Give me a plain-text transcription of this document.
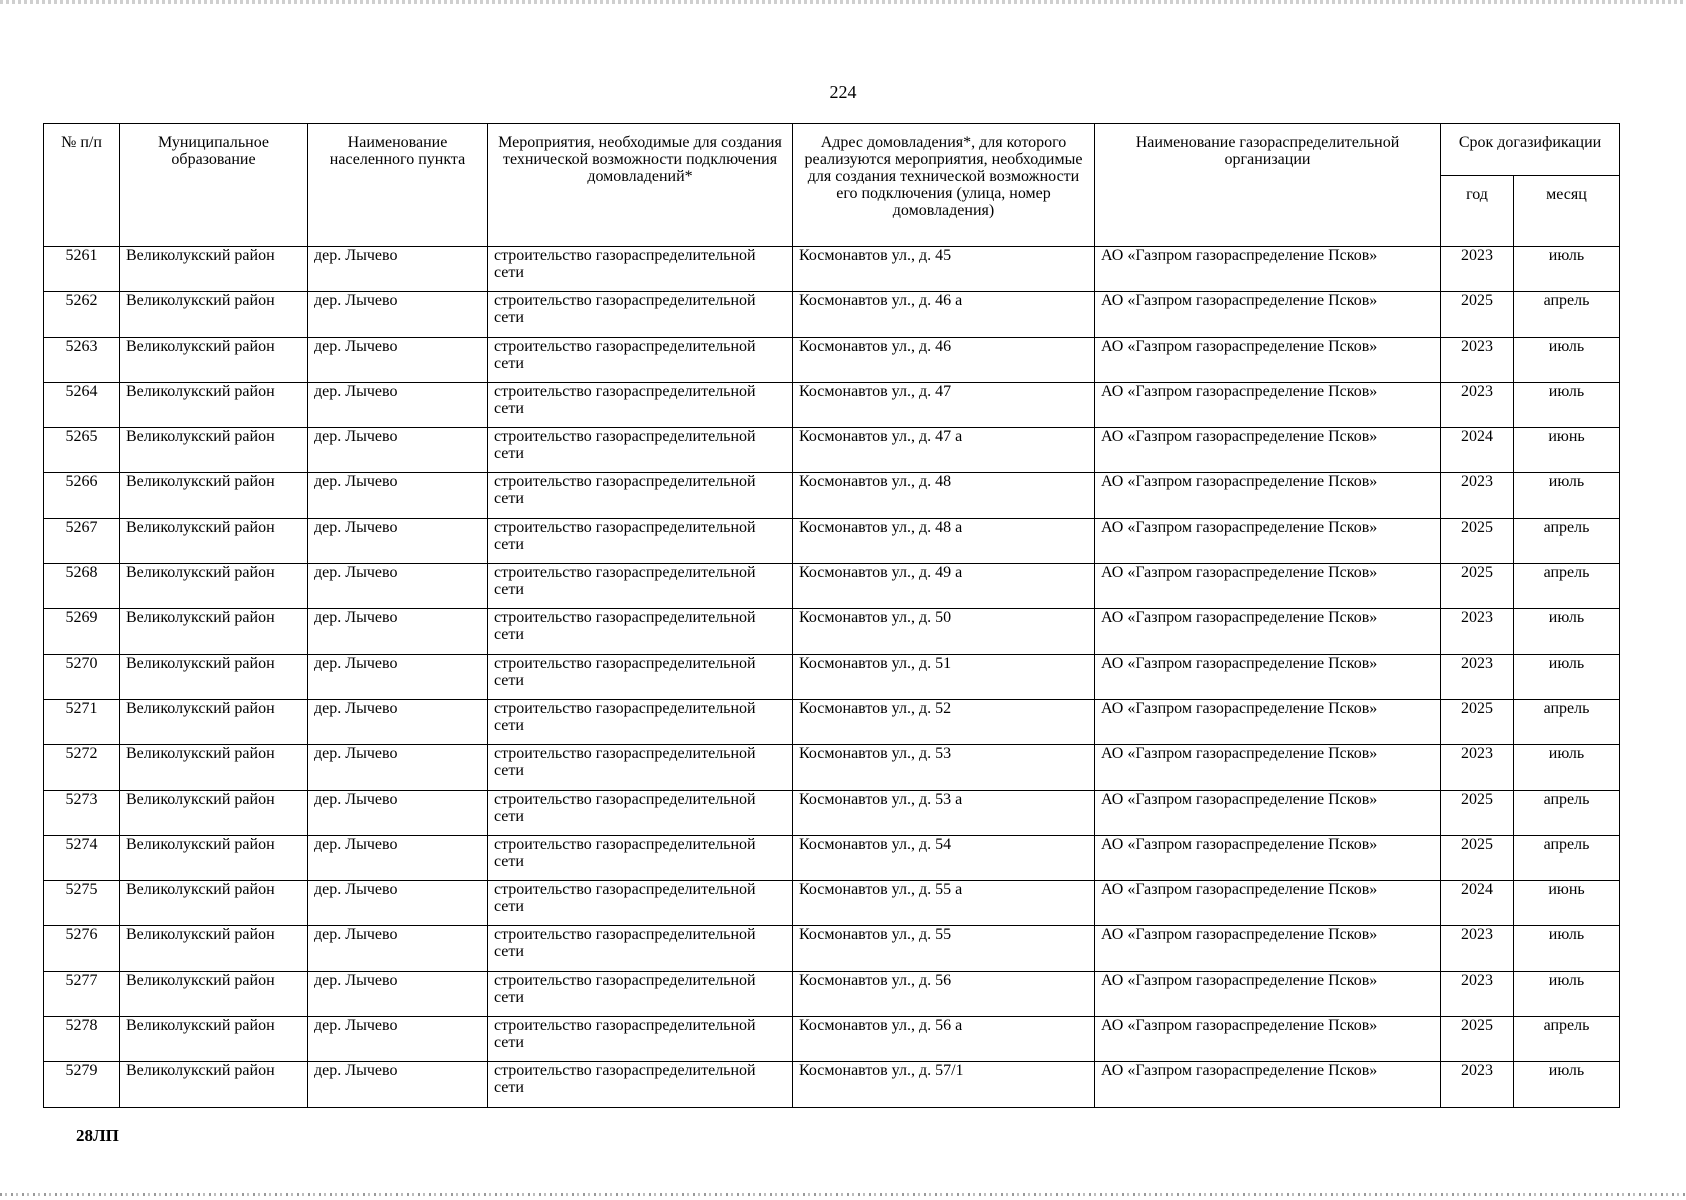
224
№ п/п	Муниципальное образование	Наименование населенного пункта	Мероприятия, необходимые для создания технической возможности подключения домовладений*	Адрес домовладения*, для которого реализуются мероприятия, необходимые для создания технической возможности его подключения (улица, номер домовладения)	Наименование газораспределительной организации	Срок догазификации	
						год	месяц
5261	Великолукский район	дер. Лычево	строительство газораспределительной сети	Космонавтов ул., д. 45	АО «Газпром газораспределение Псков»	2023	июль
5262	Великолукский район	дер. Лычево	строительство газораспределительной сети	Космонавтов ул., д. 46 а	АО «Газпром газораспределение Псков»	2025	апрель
5263	Великолукский район	дер. Лычево	строительство газораспределительной сети	Космонавтов ул., д. 46	АО «Газпром газораспределение Псков»	2023	июль
5264	Великолукский район	дер. Лычево	строительство газораспределительной сети	Космонавтов ул., д. 47	АО «Газпром газораспределение Псков»	2023	июль
5265	Великолукский район	дер. Лычево	строительство газораспределительной сети	Космонавтов ул., д. 47 а	АО «Газпром газораспределение Псков»	2024	июнь
5266	Великолукский район	дер. Лычево	строительство газораспределительной сети	Космонавтов ул., д. 48	АО «Газпром газораспределение Псков»	2023	июль
5267	Великолукский район	дер. Лычево	строительство газораспределительной сети	Космонавтов ул., д. 48 а	АО «Газпром газораспределение Псков»	2025	апрель
5268	Великолукский район	дер. Лычево	строительство газораспределительной сети	Космонавтов ул., д. 49 а	АО «Газпром газораспределение Псков»	2025	апрель
5269	Великолукский район	дер. Лычево	строительство газораспределительной сети	Космонавтов ул., д. 50	АО «Газпром газораспределение Псков»	2023	июль
5270	Великолукский район	дер. Лычево	строительство газораспределительной сети	Космонавтов ул., д. 51	АО «Газпром газораспределение Псков»	2023	июль
5271	Великолукский район	дер. Лычево	строительство газораспределительной сети	Космонавтов ул., д. 52	АО «Газпром газораспределение Псков»	2025	апрель
5272	Великолукский район	дер. Лычево	строительство газораспределительной сети	Космонавтов ул., д. 53	АО «Газпром газораспределение Псков»	2023	июль
5273	Великолукский район	дер. Лычево	строительство газораспределительной сети	Космонавтов ул., д. 53 а	АО «Газпром газораспределение Псков»	2025	апрель
5274	Великолукский район	дер. Лычево	строительство газораспределительной сети	Космонавтов ул., д. 54	АО «Газпром газораспределение Псков»	2025	апрель
5275	Великолукский район	дер. Лычево	строительство газораспределительной сети	Космонавтов ул., д. 55 а	АО «Газпром газораспределение Псков»	2024	июнь
5276	Великолукский район	дер. Лычево	строительство газораспределительной сети	Космонавтов ул., д. 55	АО «Газпром газораспределение Псков»	2023	июль
5277	Великолукский район	дер. Лычево	строительство газораспределительной сети	Космонавтов ул., д. 56	АО «Газпром газораспределение Псков»	2023	июль
5278	Великолукский район	дер. Лычево	строительство газораспределительной сети	Космонавтов ул., д. 56 а	АО «Газпром газораспределение Псков»	2025	апрель
5279	Великолукский район	дер. Лычево	строительство газораспределительной сети	Космонавтов ул., д. 57/1	АО «Газпром газораспределение Псков»	2023	июль
28ЛП
